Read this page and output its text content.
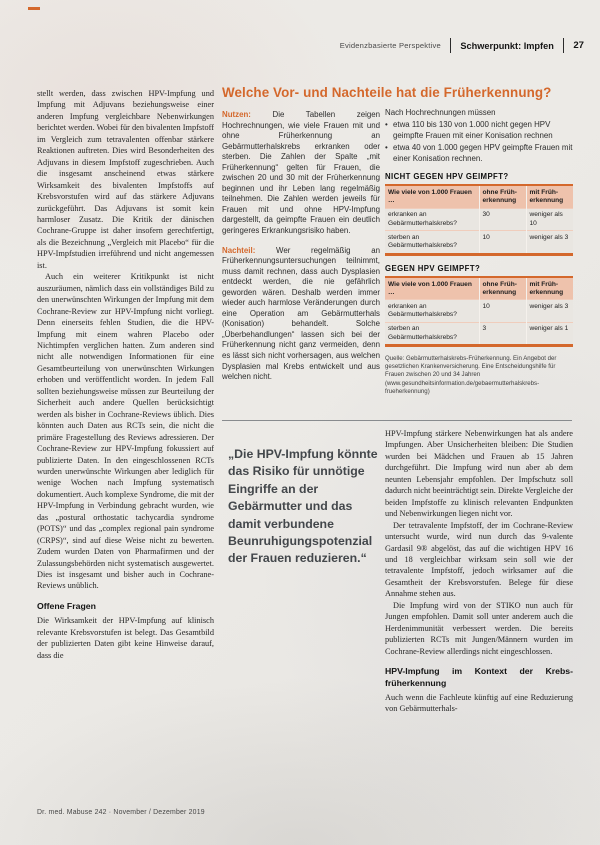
Evidenzbasierte Perspektive Schwerpunkt: Impfen 27

stellt werden, dass zwischen HPV-Impfung und Impfung mit Adjuvans beziehungsweise einer anderen Impfung vergleichbare Nebenwirkungen berichtet werden. Wobei für den bivalenten Impfstoff im Vergleich zum tetravalenten offenbar stärkere Reaktionen auftreten. Dies wird Besonderheiten des Adjuvans in diesem Impfstoff zugeschrieben. Auch die insgesamt anscheinend etwas stärkere Wirksamkeit des bivalenten Impfstoffs auf Krebsvorstufen wird auf das stärkere Adjuvans zurückgeführt. Das Adjuvans ist somit kein harmloser Zusatz. Die Kritik der dänischen Cochrane-Gruppe ist daher insofern gerechtfertigt, als die Bezeichnung „Vergleich mit Placebo“ für die HPV-Impfstudien irreführend und nicht angemessen ist.

Auch ein weiterer Kritikpunkt ist nicht auszuräumen, nämlich dass ein vollständiges Bild zu den unerwünschten Wirkungen der Impfung mit dem Cochrane-Review zur HPV-Impfung nicht vorliegt. Denn einerseits fehlen Studien, die die HPV-Impfung mit einem wahren Placebo oder Nichtimpfen verglichen hatten. Zum anderen sind nicht alle notwendigen Informationen für eine Gesamtbeurteilung von unerwünschten Wirkungen erhoben und veröffentlicht worden. In jedem Fall sollten beziehungsweise müssen zur Beurteilung der Sicherheit auch andere Quellen berücksichtigt werden als bisher in Cochrane-Reviews üblich. Dies könnten auch Daten aus RCTs sein, die nicht die primäre Fragestellung des Reviews adressieren. Der Cochrane-Review zur HPV-Impfung fokussiert auf publizierte Daten. In den eingeschlossenen RCTs wurden unerwünschte Wirkungen aber lediglich für wenige Wochen nach Impfung systematisch dokumentiert. Auch komplexe Syndrome, die mit der HPV-Impfung in Verbindung gebracht wurden, wie das „postural orthostatic tachycardia syndrome (POTS)“ und das „complex regional pain syndrome (CRPS)“, sind auf diese Weise nicht zu bewerten. Zudem wurden Daten von Pharmafirmen und der Zulassungsbehörden nicht systematisch ausgewertet. Dies ist insgesamt und bisher auch in Cochrane-Reviews unüblich.

Offene Fragen

Die Wirksamkeit der HPV-Impfung auf klinisch relevante Krebsvorstufen ist belegt. Das Gesamtbild der publizierten Daten gibt keine Hinweise darauf, dass die

Dr. med. Mabuse 242 · November / Dezember 2019
Welche Vor- und Nachteile hat die Früherkennung?

Nutzen: Die Tabellen zeigen Hochrechnungen, wie viele Frauen mit und ohne Früherkennung an Gebärmutterhalskrebs erkranken oder sterben. Die Zahlen der Spalte „mit Früherkennung“ gelten für Frauen, die zwischen 20 und 30 mit der Früherkennung beginnen und ihr Leben lang regelmäßig teilnehmen. Die Zahlen werden jeweils für Frauen mit und ohne HPV-Impfung dargestellt, da geimpfte Frauen ein deutlich geringeres Erkrankungsrisiko haben.

Nachteil: Wer regelmäßig an Früherkennungsuntersuchungen teilnimmt, muss damit rechnen, dass auch Dysplasien entdeckt werden, die nie gefährlich geworden wären. Deshalb werden immer wieder auch harmlose Veränderungen durch eine Operation am Gebärmutterhals (Konisation) behandelt. Solche „Überbehandlungen“ lassen sich bei der Früherkennung nicht ganz vermeiden, denn es lässt sich nicht vorhersagen, aus welchen Dysplasien mal Krebs entwickelt und aus welchen nicht.

Nach Hochrechnungen müssen

• etwa 110 bis 130 von 1.000 nicht gegen HPV geimpfte Frauen mit einer Konisation rechnen
• etwa 40 von 1.000 gegen HPV geimpfte Frauen mit einer Konisation rechnen.
NICHT GEGEN HPV GEIMPFT?
Wie viele von 1.000 Frauen …	ohne Früherkennung	mit Früherkennung
erkranken an Gebärmutterhalskrebs?	30	weniger als 10
sterben an Gebärmutterhalskrebs?	10	weniger als 3
GEGEN HPV GEIMPFT?
Wie viele von 1.000 Frauen …	ohne Früherkennung	mit Früherkennung
erkranken an Gebärmutterhalskrebs?	10	weniger als 3
sterben an Gebärmutterhalskrebs?	3	weniger als 1
Quelle: Gebärmutterhalskrebs-Früherkennung. Ein Angebot der gesetzlichen Krankenversicherung. Eine Entscheidungshilfe für Frauen zwischen 20 und 34 Jahren (www.gesundheitsinformation.de/gebaermutterhalskrebs-frueherkennung)
„Die HPV-Impfung könnte das Risiko für unnötige Eingriffe an der Gebärmutter und das damit verbundene Beunruhigungspotenzial der Frauen reduzieren.“

HPV-Impfung stärkere Nebenwirkungen hat als andere Impfungen. Aber Unsicherheiten bleiben: Die Studien wurden bei Mädchen und Frauen ab 15 Jahren durchgeführt. Die Impfung wird nun aber ab dem neunten Lebensjahr empfohlen. Der Impfschutz soll dadurch nicht beeinträchtigt sein. Direkte Vergleiche der beiden Impfstoffe zu klinisch relevanten Endpunkten und Nebenwirkungen liegen nicht vor.

Der tetravalente Impfstoff, der im Cochrane-Review untersucht wurde, wird nun durch das 9-valente Gardasil 9® abgelöst, das auf die wichtigen HPV 16 und 18 vergleichbar wirksam sein soll wie der tetravalente Impfstoff, jedoch wirksamer auf die Gesamtheit der Krebsvorstufen. Belege für diese Annahme stehen aus.

Die Impfung wird von der STIKO nun auch für Jungen empfohlen. Damit soll unter anderem auch die Herdenimmunität verbessert werden. Die bereits publizierten RCTs mit Jungen/Männern wurden im Cochrane-Review allerdings nicht eingeschlossen.

HPV-Impfung im Kontext der Krebsfrüherkennung

Auch wenn die Fachleute künftig auf eine Reduzierung von Gebärmutterhals-
